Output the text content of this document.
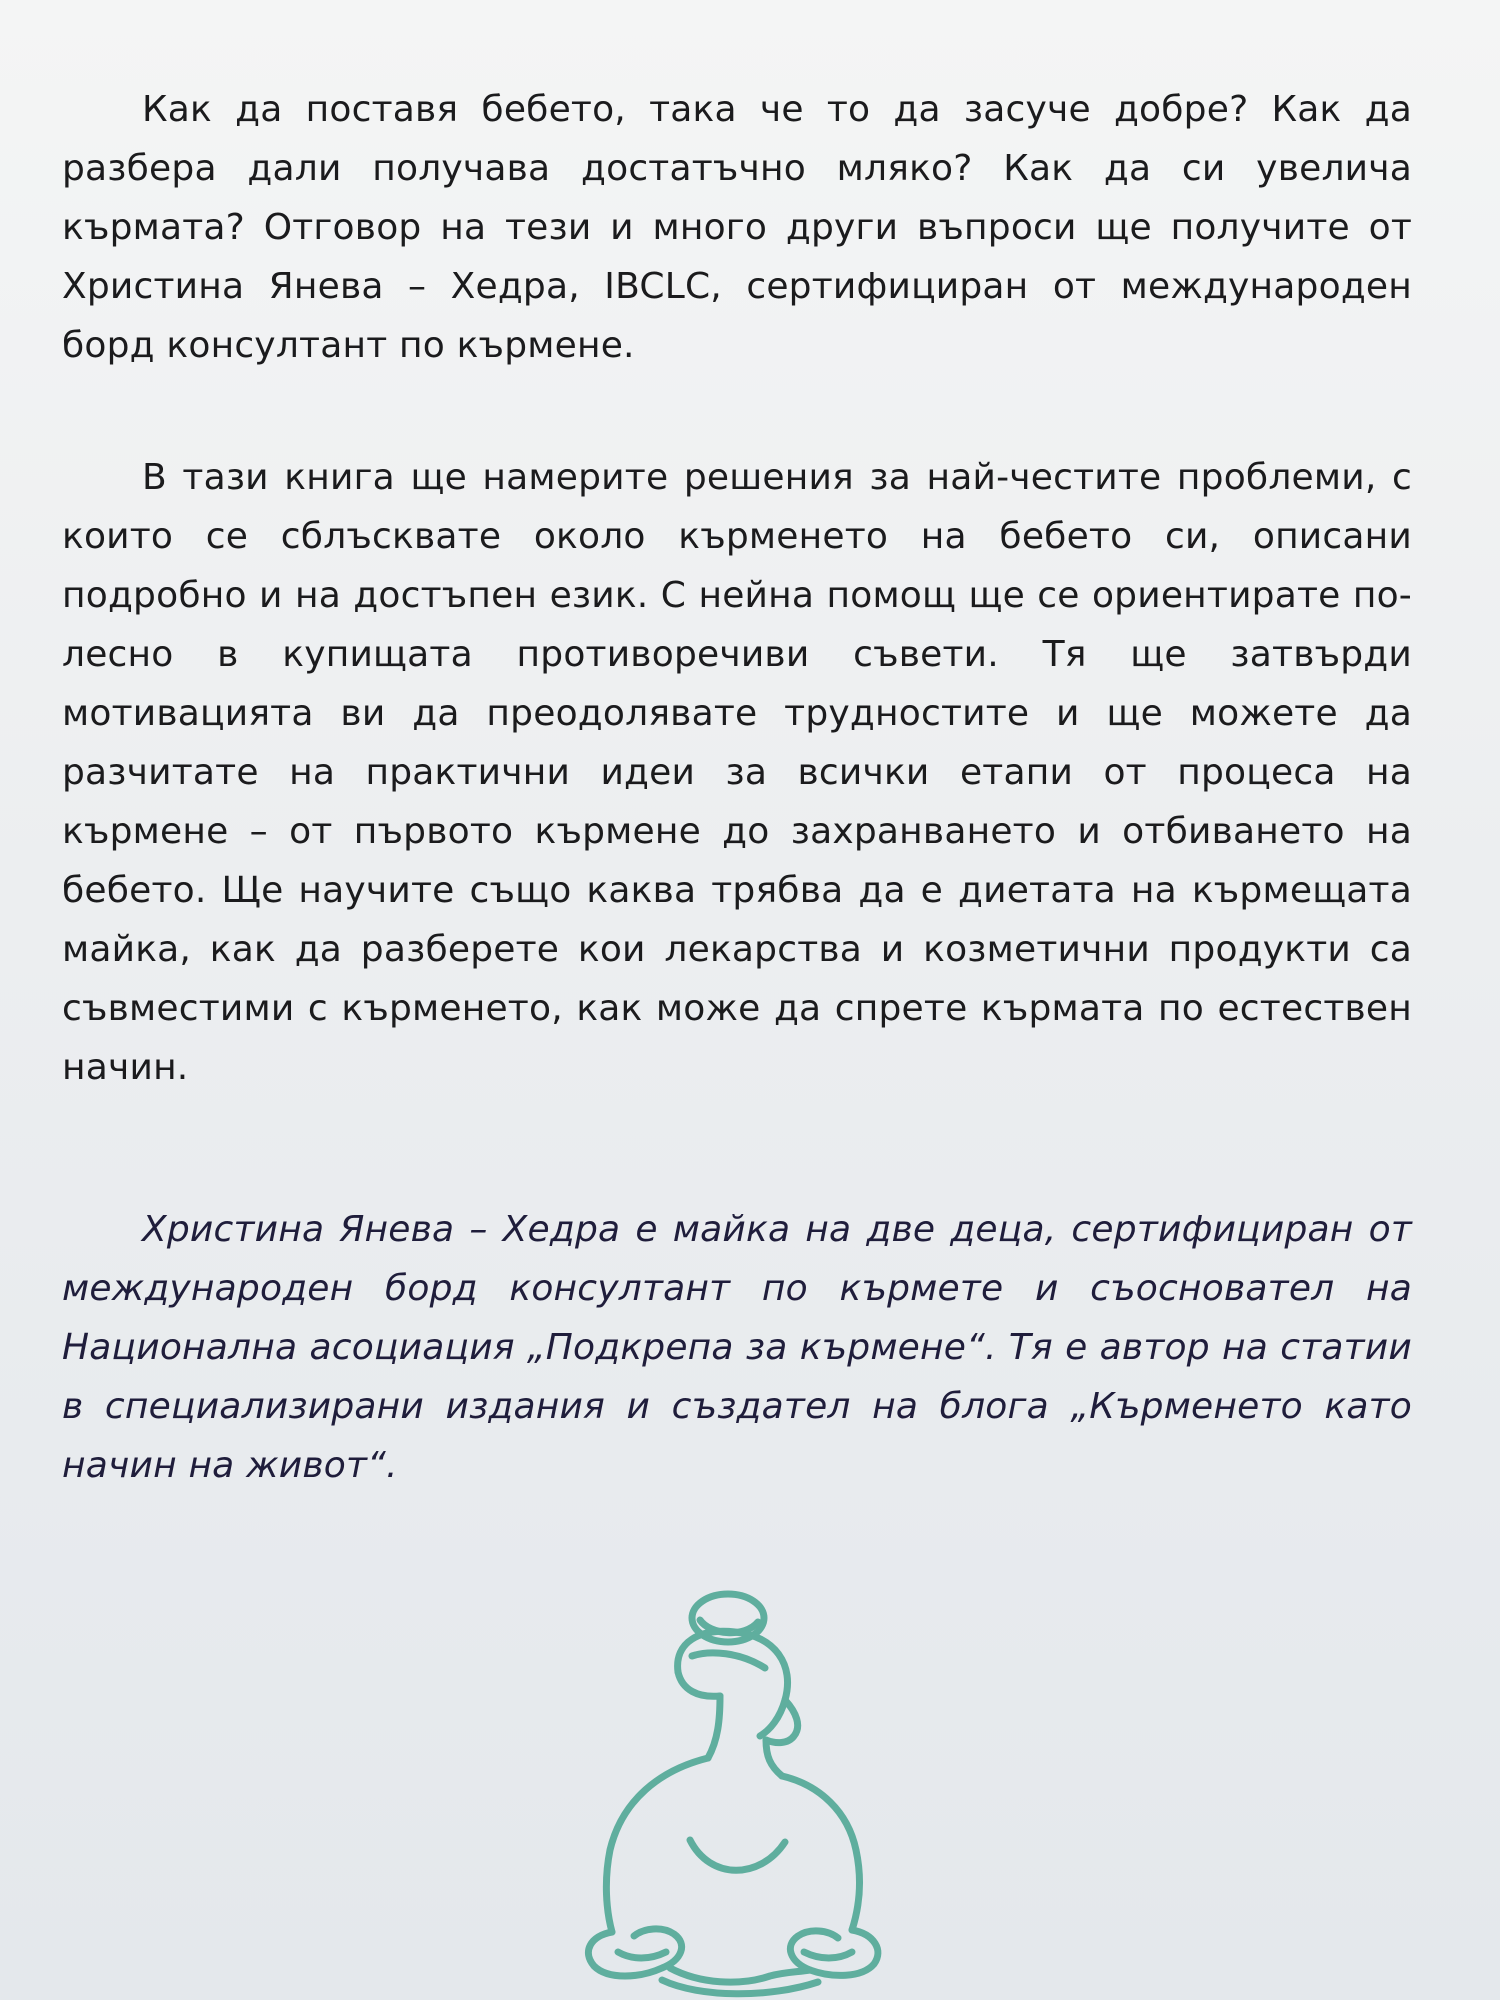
Как да поставя бебето, така че то да засуче добре? Как да разбера дали получава достатъчно мляко? Как да си увелича кърмата? Отговор на тези и много други въпроси ще получите от Христина Янева – Хедра, IBCLC, сертифициран от международен борд консултант по кърмене.

В тази книга ще намерите решения за най-честите проблеми, с които се сблъсквате около кърменето на бебето си, описани подробно и на достъпен език. С нейна помощ ще се ориентирате по-лесно в купищата противоречиви съвети. Тя ще затвърди мотивацията ви да преодолявате трудностите и ще можете да разчитате на практични идеи за всички етапи от процеса на кърмене – от първото кърмене до захранването и отбиването на бебето. Ще научите също каква трябва да е диетата на кърмещата майка, как да разберете кои лекарства и козметични продукти са съвместими с кърменето, как може да спрете кърмата по естествен начин.

Христина Янева – Хедра е майка на две деца, сертифициран от международен борд консултант по кърмете и съосновател на Национална асоциация „Подкрепа за кърмене“. Тя е автор на статии в специализирани издания и създател на блога „Кърменето като начин на живот“.
